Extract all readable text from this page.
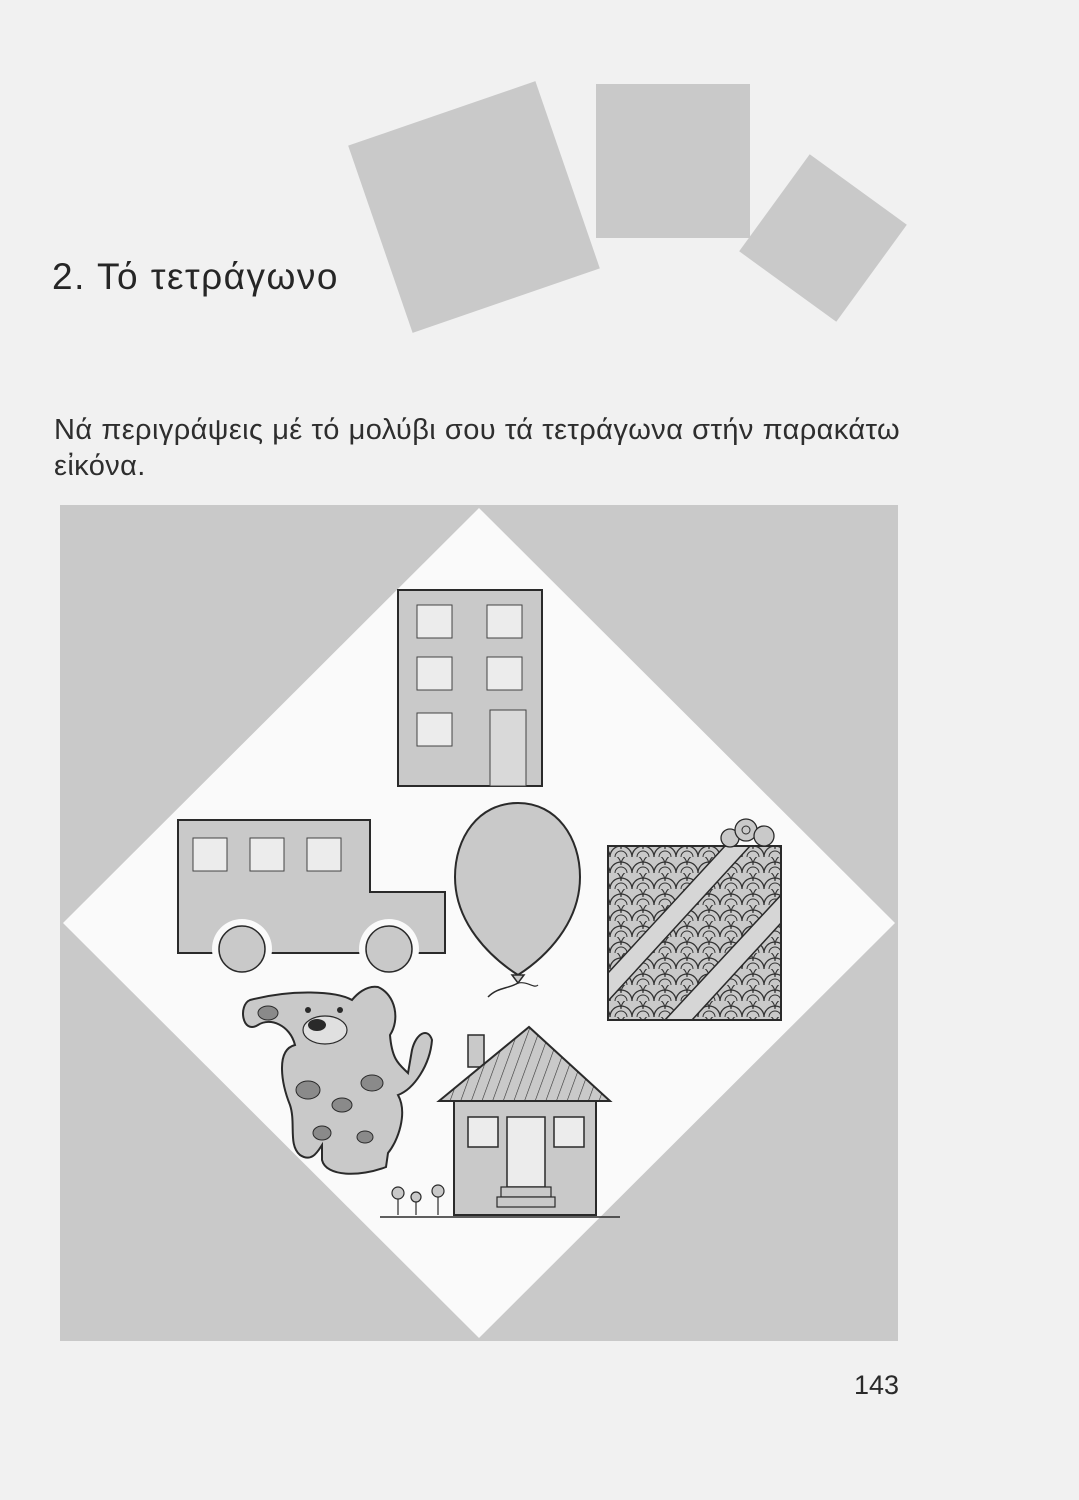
2. Τό τετράγωνο

Νά περιγράψεις μέ τό μολύβι σου τά τετράγωνα στήν παρακάτω εἰκόνα.

143
